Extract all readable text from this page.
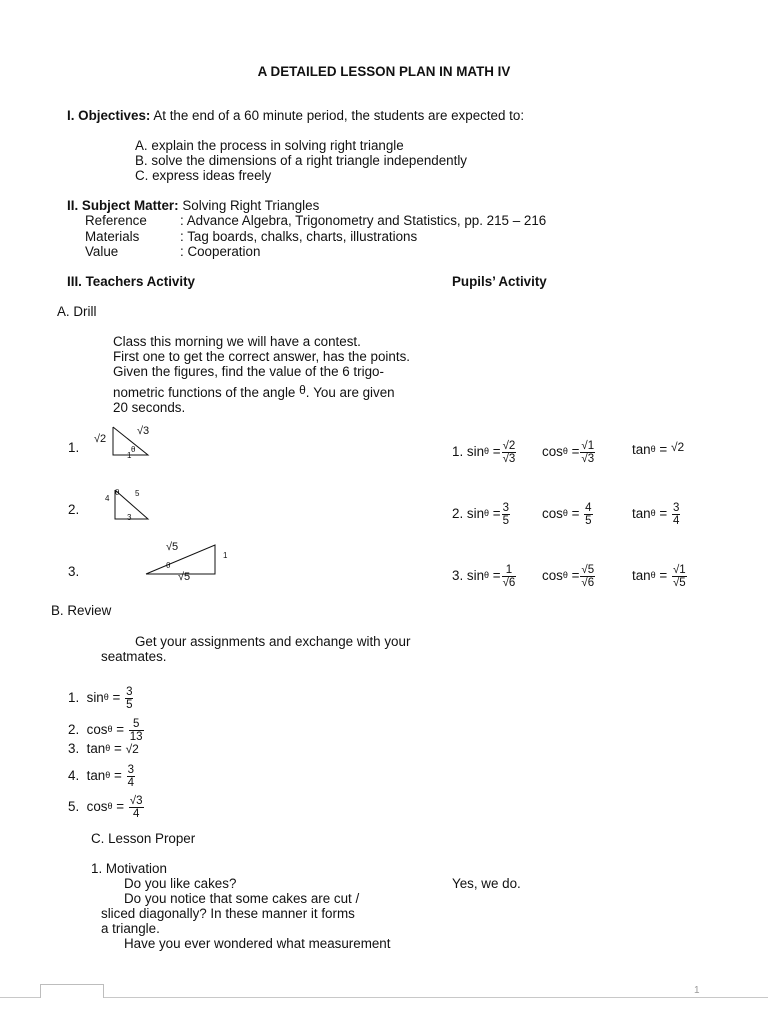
A DETAILED LESSON PLAN IN MATH IV
I. Objectives: At the end of a 60 minute period, the students are expected to:
A. explain the process in solving right triangle
B. solve the dimensions of a right triangle independently
C. express ideas freely
II. Subject Matter: Solving Right Triangles
Reference : Advance Algebra, Trigonometry and Statistics, pp. 215 – 216
Materials	: Tag boards, chalks, charts, illustrations
Value	: Cooperation
III. Teachers Activity	Pupils’ Activity
A. Drill
Class this morning we will have a contest.
First one to get the correct answer, has the points.
Given the figures, find the value of the 6 trigo-
nometric functions of the angle θ. You are given
20 seconds.
1.
√2
√3
θ
1	1. $\sin\theta = \frac{√2}{√3}$ $\cos\theta = \frac{√1}{√3}$	tanθ = √2
2.
4
θ 5
3	2. $\sin\theta = \frac{3}{5}$ $\cos\theta = \frac{4}{5}$	$\tan\theta = \frac{3}{4}$
3.
√5
1
θ
√5	3. $\sin\theta = \frac{1}{√6}$ $\cos\theta = \frac{√5}{√6}$	$\tan\theta = \frac{√1}{√5}$
B. Review
Get your assignments and exchange with your
seatmates.
1. $\sin\theta = \frac{3}{5}$
2. $\cos\theta = \frac{5}{13}$
3. tanθ = √2
4. $\tan\theta = \frac{3}{4}$
5. $\cos\theta = \frac{√3}{4}$
C. Lesson Proper
1. Motivation
Do you like cakes?	Yes, we do.
Do you notice that some cakes are cut /
sliced diagonally? In these manner it forms
a triangle.
Have you ever wondered what measurement
1
